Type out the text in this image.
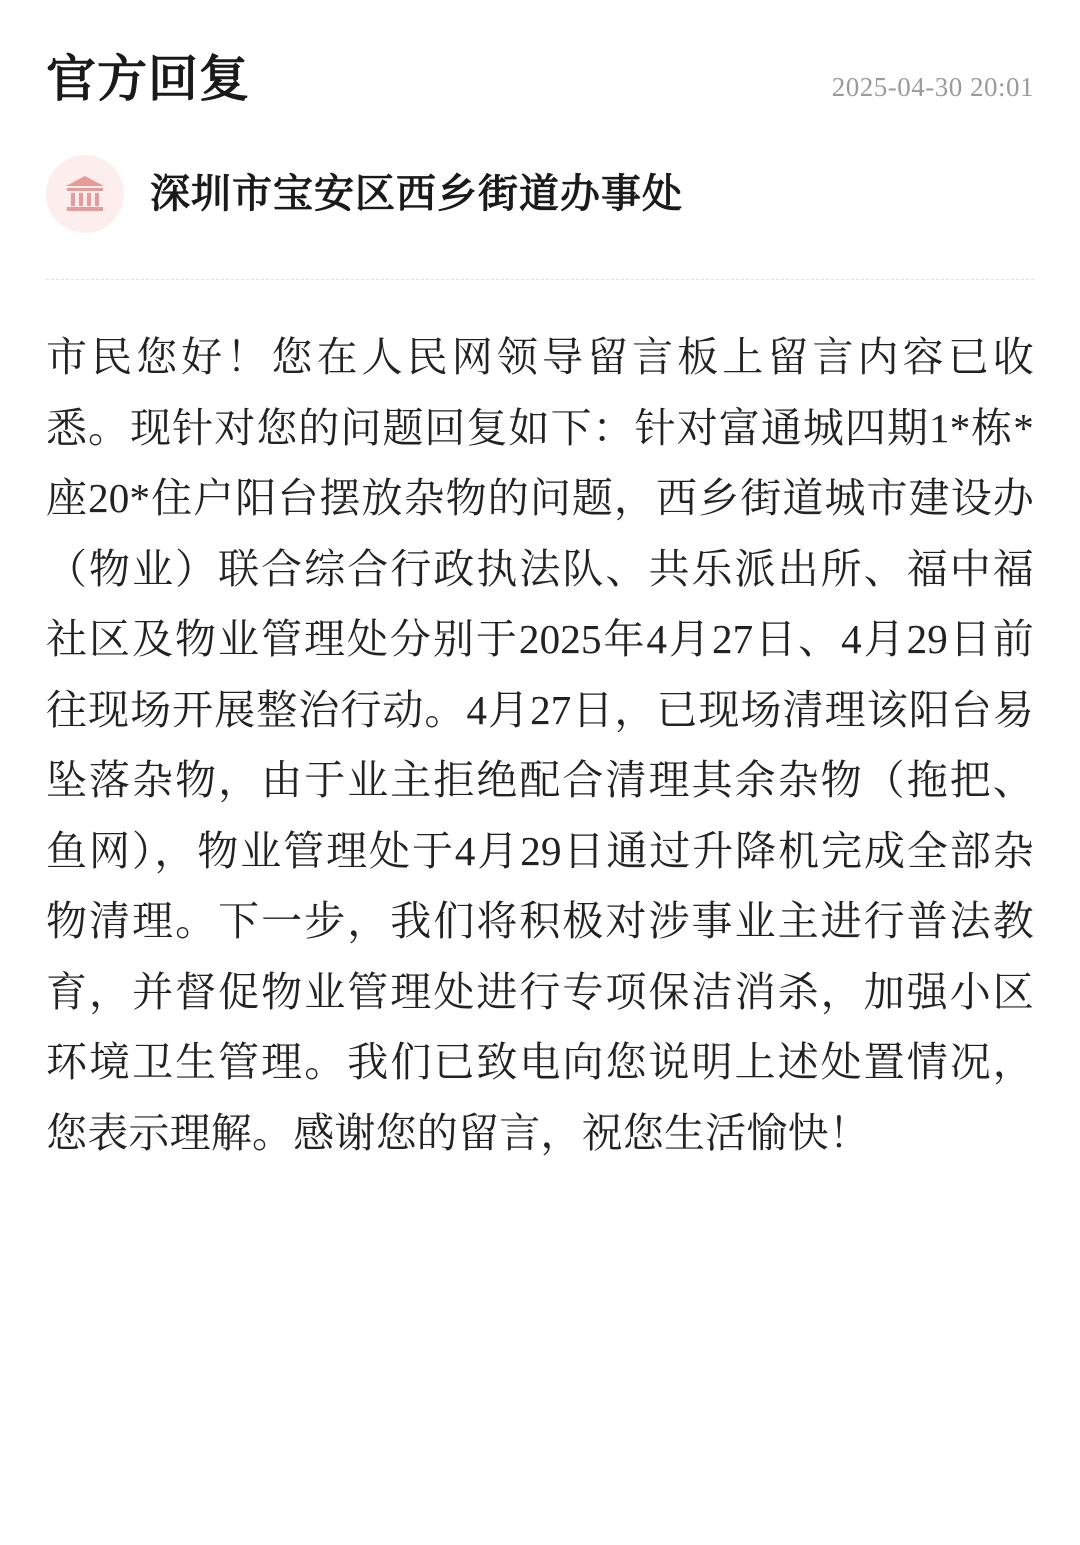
官方回复	2025-04-30 20:01
深圳市宝安区西乡街道办事处
市民您好！您在人民网领导留言板上留言内容已收悉。现针对您的问题回复如下：针对富通城四期1*栋*座20*住户阳台摆放杂物的问题，西乡街道城市建设办（物业）联合综合行政执法队、共乐派出所、福中福社区及物业管理处分别于2025年4月27日、4月29日前往现场开展整治行动。4月27日，已现场清理该阳台易坠落杂物，由于业主拒绝配合清理其余杂物（拖把、鱼网），物业管理处于4月29日通过升降机完成全部杂物清理。下一步，我们将积极对涉事业主进行普法教育，并督促物业管理处进行专项保洁消杀，加强小区环境卫生管理。我们已致电向您说明上述处置情况，您表示理解。感谢您的留言，祝您生活愉快！
